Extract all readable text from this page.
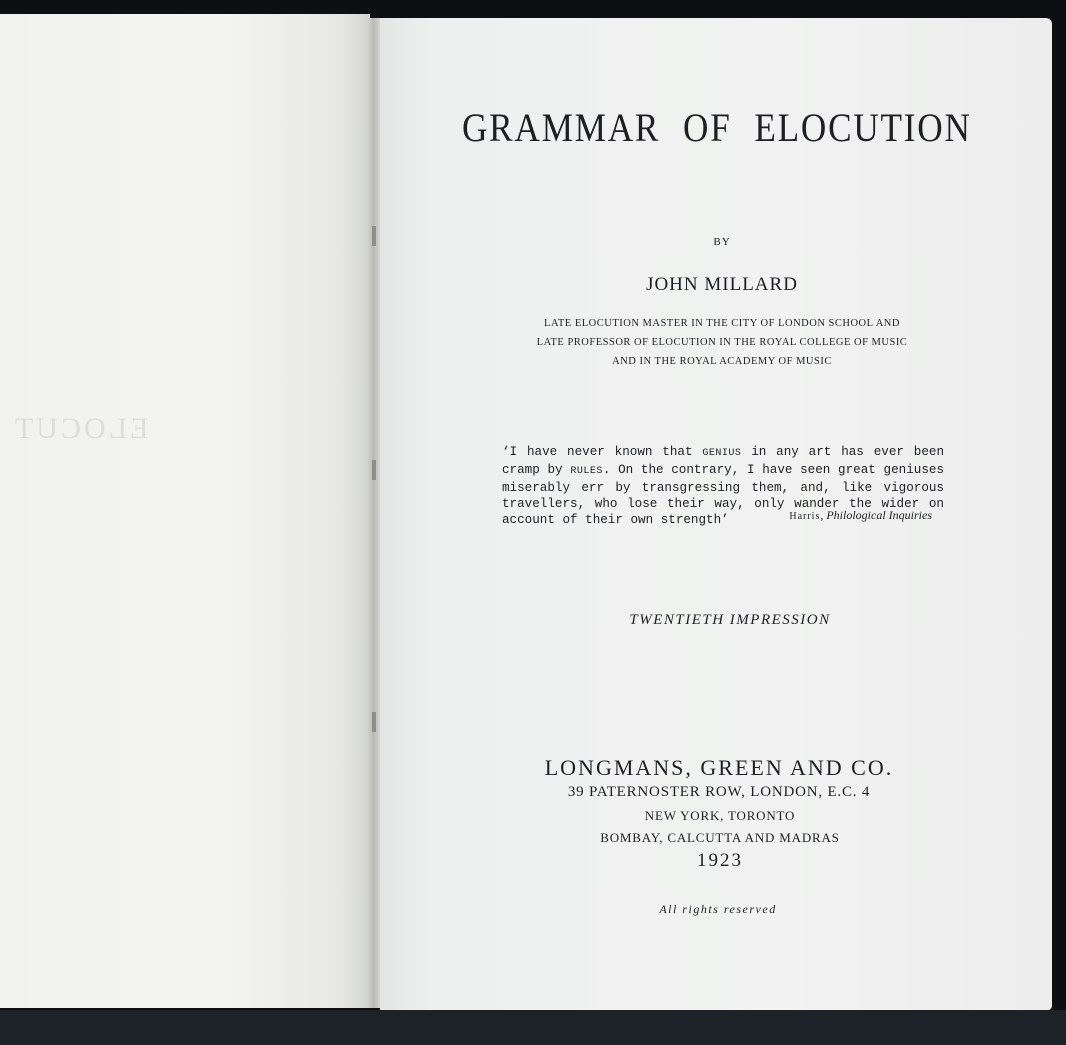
ELOCUT
GRAMMAR OF ELOCUTION
BY
JOHN MILLARD
LATE ELOCUTION MASTER IN THE CITY OF LONDON SCHOOL AND
LATE PROFESSOR OF ELOCUTION IN THE ROYAL COLLEGE OF MUSIC
AND IN THE ROYAL ACADEMY OF MUSIC
‘I have never known that GENIUS in any art has ever been cramp by RULES. On the contrary, I have seen great geniuses miserably err by transgressing them, and, like vigorous travellers, who lose their way, only wander the wider on account of their own strength’	Harris, Philological Inquiries
TWENTIETH IMPRESSION
LONGMANS, GREEN AND CO.
39 PATERNOSTER ROW, LONDON, E.C. 4
NEW YORK, TORONTO
BOMBAY, CALCUTTA AND MADRAS
1923
All rights reserved
